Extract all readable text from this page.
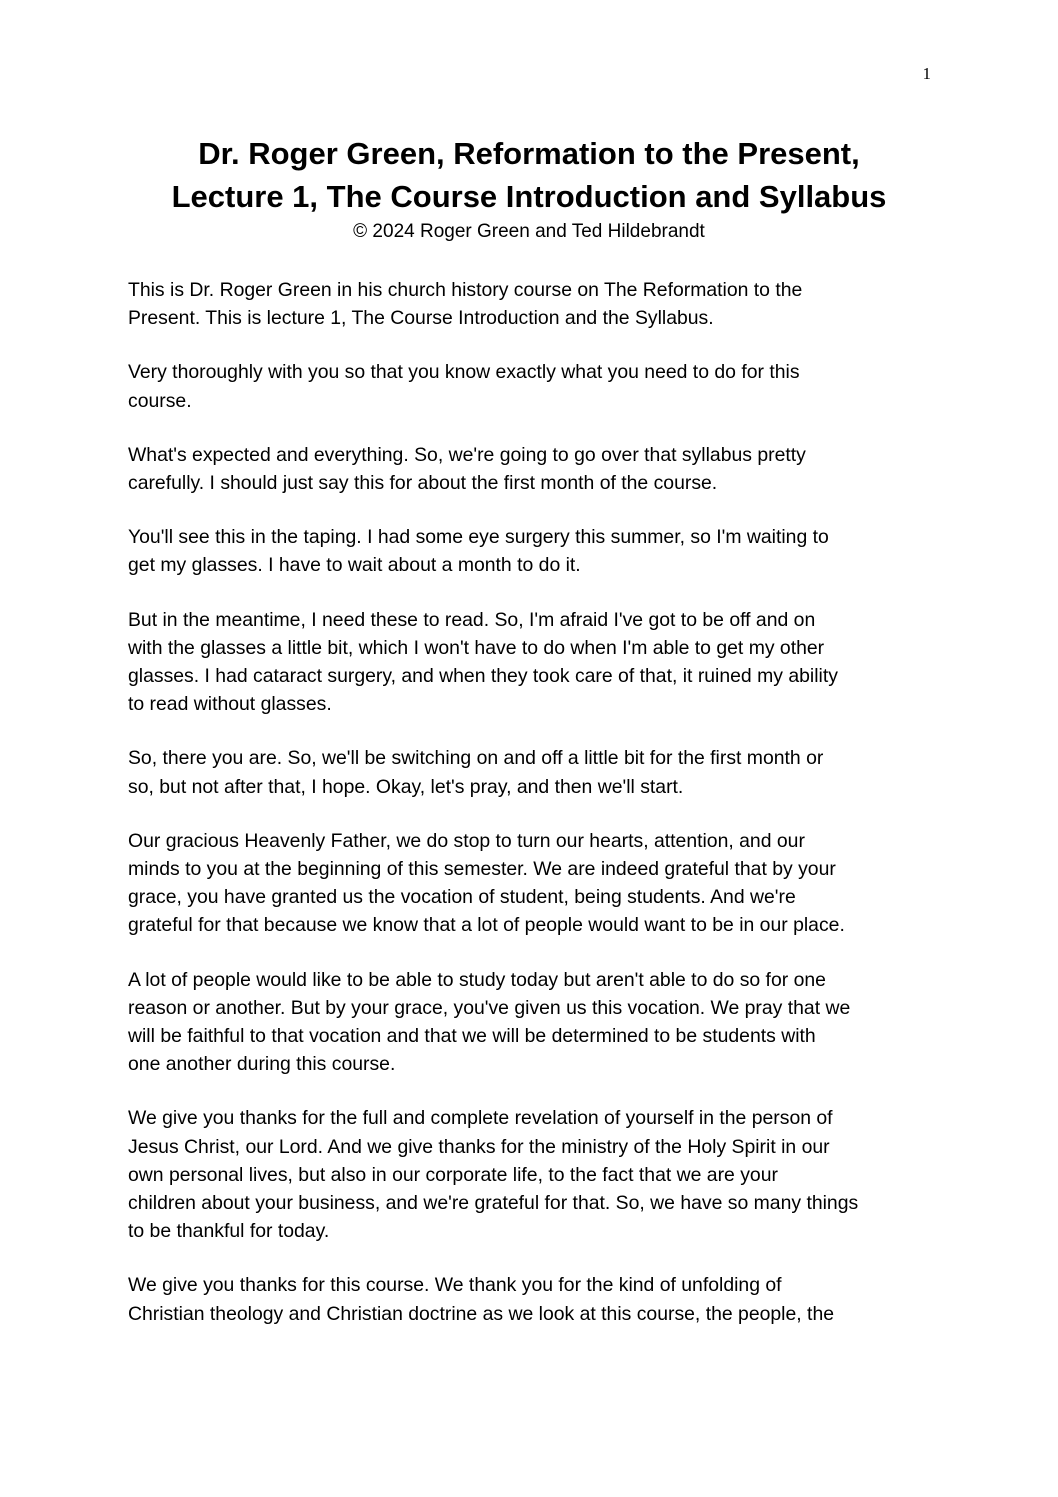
1
Dr. Roger Green, Reformation to the Present,
Lecture 1, The Course Introduction and Syllabus
© 2024 Roger Green and Ted Hildebrandt

This is Dr. Roger Green in his church history course on The Reformation to the
Present. This is lecture 1, The Course Introduction and the Syllabus.

Very thoroughly with you so that you know exactly what you need to do for this
course.

What's expected and everything. So, we're going to go over that syllabus pretty
carefully. I should just say this for about the first month of the course.

You'll see this in the taping. I had some eye surgery this summer, so I'm waiting to
get my glasses. I have to wait about a month to do it.

But in the meantime, I need these to read. So, I'm afraid I've got to be off and on
with the glasses a little bit, which I won't have to do when I'm able to get my other
glasses. I had cataract surgery, and when they took care of that, it ruined my ability
to read without glasses.

So, there you are. So, we'll be switching on and off a little bit for the first month or
so, but not after that, I hope. Okay, let's pray, and then we'll start.

Our gracious Heavenly Father, we do stop to turn our hearts, attention, and our
minds to you at the beginning of this semester. We are indeed grateful that by your
grace, you have granted us the vocation of student, being students. And we're
grateful for that because we know that a lot of people would want to be in our place.

A lot of people would like to be able to study today but aren't able to do so for one
reason or another. But by your grace, you've given us this vocation. We pray that we
will be faithful to that vocation and that we will be determined to be students with
one another during this course.

We give you thanks for the full and complete revelation of yourself in the person of
Jesus Christ, our Lord. And we give thanks for the ministry of the Holy Spirit in our
own personal lives, but also in our corporate life, to the fact that we are your
children about your business, and we're grateful for that. So, we have so many things
to be thankful for today.

We give you thanks for this course. We thank you for the kind of unfolding of
Christian theology and Christian doctrine as we look at this course, the people, the
